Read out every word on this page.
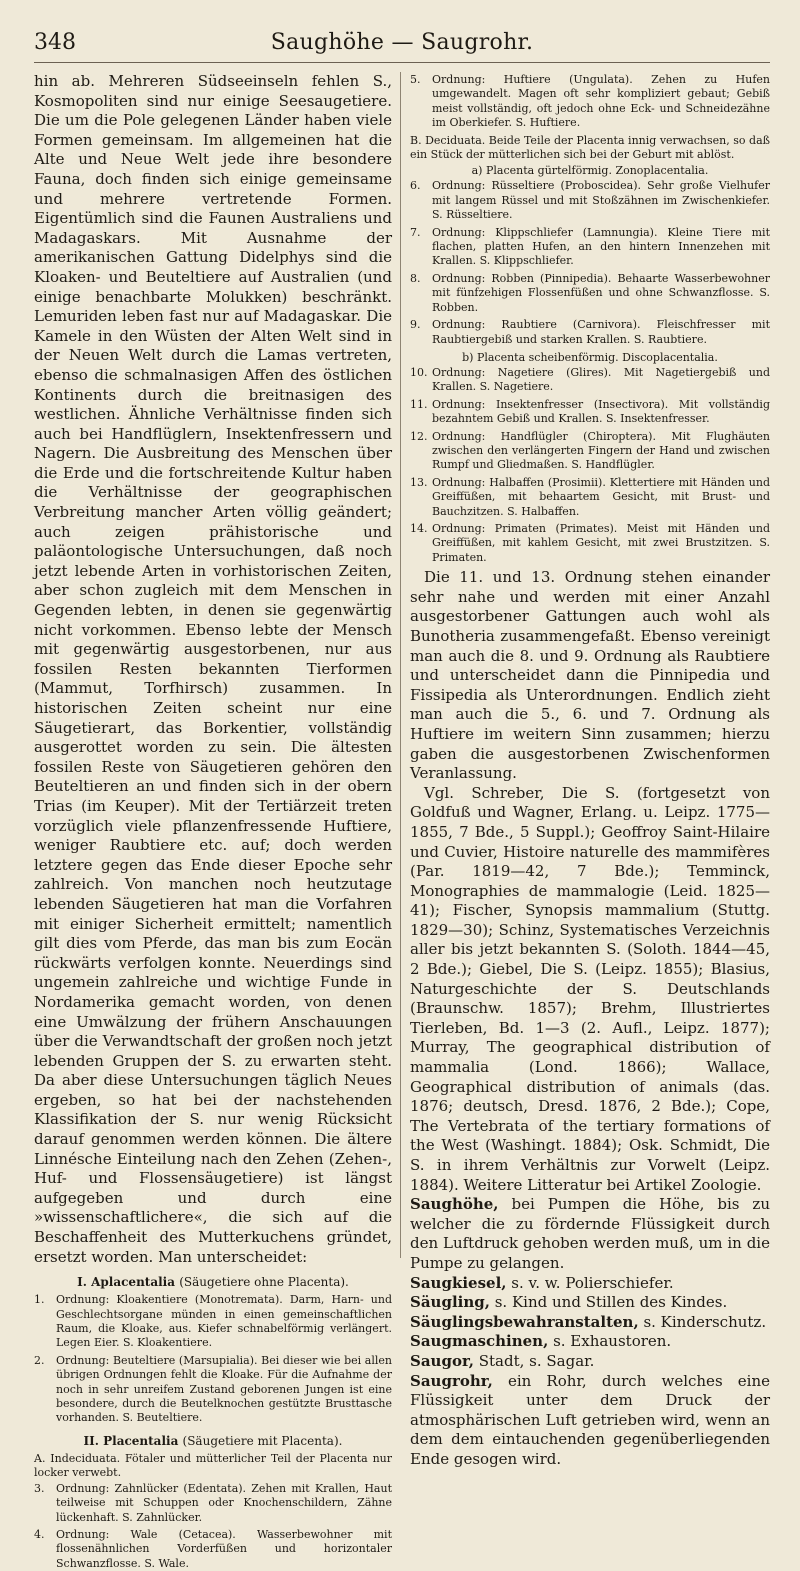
348	Saughöhe — Saugrohr.

hin ab. Mehreren Südseeinseln fehlen S., Kosmopoliten sind nur einige Seesaugetiere. Die um die Pole gelegenen Länder haben viele Formen gemeinsam. Im allgemeinen hat die Alte und Neue Welt jede ihre besondere Fauna, doch finden sich einige gemeinsame und mehrere vertretende Formen. Eigentümlich sind die Faunen Australiens und Madagaskars. Mit Ausnahme der amerikanischen Gattung Didelphys sind die Kloaken- und Beuteltiere auf Australien (und einige benachbarte Molukken) beschränkt. Lemuriden leben fast nur auf Madagaskar. Die Kamele in den Wüsten der Alten Welt sind in der Neuen Welt durch die Lamas vertreten, ebenso die schmalnasigen Affen des östlichen Kontinents durch die breitnasigen des westlichen. Ähnliche Verhältnisse finden sich auch bei Handflüglern, Insektenfressern und Nagern. Die Ausbreitung des Menschen über die Erde und die fortschreitende Kultur haben die Verhältnisse der geographischen Verbreitung mancher Arten völlig geändert; auch zeigen prähistorische und paläontologische Untersuchungen, daß noch jetzt lebende Arten in vorhistorischen Zeiten, aber schon zugleich mit dem Menschen in Gegenden lebten, in denen sie gegenwärtig nicht vorkommen. Ebenso lebte der Mensch mit gegenwärtig ausgestorbenen, nur aus fossilen Resten bekannten Tierformen (Mammut, Torfhirsch) zusammen. In historischen Zeiten scheint nur eine Säugetierart, das Borkentier, vollständig ausgerottet worden zu sein. Die ältesten fossilen Reste von Säugetieren gehören den Beuteltieren an und finden sich in der obern Trias (im Keuper). Mit der Tertiärzeit treten vorzüglich viele pflanzenfressende Huftiere, weniger Raubtiere etc. auf; doch werden letztere gegen das Ende dieser Epoche sehr zahlreich. Von manchen noch heutzutage lebenden Säugetieren hat man die Vorfahren mit einiger Sicherheit ermittelt; namentlich gilt dies vom Pferde, das man bis zum Eocän rückwärts verfolgen konnte. Neuerdings sind ungemein zahlreiche und wichtige Funde in Nordamerika gemacht worden, von denen eine Umwälzung der frühern Anschauungen über die Verwandtschaft der großen noch jetzt lebenden Gruppen der S. zu erwarten steht. Da aber diese Untersuchungen täglich Neues ergeben, so hat bei der nachstehenden Klassifikation der S. nur wenig Rücksicht darauf genommen werden können. Die ältere Linnésche Einteilung nach den Zehen (Zehen-, Huf- und Flossensäugetiere) ist längst aufgegeben und durch eine »wissenschaftlichere«, die sich auf die Beschaffenheit des Mutterkuchens gründet, ersetzt worden. Man unterscheidet:

I. Aplacentalia (Säugetiere ohne Placenta).
1.	Ordnung: Kloakentiere (Monotremata). Darm, Harn- und Geschlechtsorgane münden in einen gemeinschaftlichen Raum, die Kloake, aus. Kiefer schnabelförmig verlängert. Legen Eier. S. Kloakentiere.
2.	Ordnung: Beuteltiere (Marsupialia). Bei dieser wie bei allen übrigen Ordnungen fehlt die Kloake. Für die Aufnahme der noch in sehr unreifem Zustand geborenen Jungen ist eine besondere, durch die Beutelknochen gestützte Brusttasche vorhanden. S. Beuteltiere.
II. Placentalia (Säugetiere mit Placenta).

A. Indeciduata. Fötaler und mütterlicher Teil der Placenta nur locker verwebt.

3.	Ordnung: Zahnlücker (Edentata). Zehen mit Krallen, Haut teilweise mit Schuppen oder Knochenschildern, Zähne lückenhaft. S. Zahnlücker.
4.	Ordnung: Wale (Cetacea). Wasserbewohner mit flossenähnlichen Vorderfüßen und horizontaler Schwanzflosse. S. Wale.
5.	Ordnung: Huftiere (Ungulata). Zehen zu Hufen umgewandelt. Magen oft sehr kompliziert gebaut; Gebiß meist vollständig, oft jedoch ohne Eck- und Schneidezähne im Oberkiefer. S. Huftiere.

B. Deciduata. Beide Teile der Placenta innig verwachsen, so daß ein Stück der mütterlichen sich bei der Geburt mit ablöst.

a) Placenta gürtelförmig. Zonoplacentalia.
6.	Ordnung: Rüsseltiere (Proboscidea). Sehr große Vielhufer mit langem Rüssel und mit Stoßzähnen im Zwischenkiefer. S. Rüsseltiere.
7.	Ordnung: Klippschliefer (Lamnungia). Kleine Tiere mit flachen, platten Hufen, an den hintern Innenzehen mit Krallen. S. Klippschliefer.
8.	Ordnung: Robben (Pinnipedia). Behaarte Wasserbewohner mit fünfzehigen Flossenfüßen und ohne Schwanzflosse. S. Robben.
9.	Ordnung: Raubtiere (Carnivora). Fleischfresser mit Raubtiergebiß und starken Krallen. S. Raubtiere.
b) Placenta scheibenförmig. Discoplacentalia.
10. Ordnung: Nagetiere (Glires). Mit Nagetiergebiß und Krallen. S. Nagetiere.
11. Ordnung: Insektenfresser (Insectivora). Mit vollständig bezahntem Gebiß und Krallen. S. Insektenfresser.
12. Ordnung: Handflügler (Chiroptera). Mit Flughäuten zwischen den verlängerten Fingern der Hand und zwischen Rumpf und Gliedmaßen. S. Handflügler.
13. Ordnung: Halbaffen (Prosimii). Klettertiere mit Händen und Greiffüßen, mit behaartem Gesicht, mit Brust- und Bauchzitzen. S. Halbaffen.
14. Ordnung: Primaten (Primates). Meist mit Händen und Greiffüßen, mit kahlem Gesicht, mit zwei Brustzitzen. S. Primaten.

Die 11. und 13. Ordnung stehen einander sehr nahe und werden mit einer Anzahl ausgestorbener Gattungen auch wohl als Bunotheria zusammengefaßt. Ebenso vereinigt man auch die 8. und 9. Ordnung als Raubtiere und unterscheidet dann die Pinnipedia und Fissipedia als Unterordnungen. Endlich zieht man auch die 5., 6. und 7. Ordnung als Huftiere im weitern Sinn zusammen; hierzu gaben die ausgestorbenen Zwischenformen Veranlassung.

Vgl. Schreber, Die S. (fortgesetzt von Goldfuß und Wagner, Erlang. u. Leipz. 1775—1855, 7 Bde., 5 Suppl.); Geoffroy Saint-Hilaire und Cuvier, Histoire naturelle des mammifères (Par. 1819—42, 7 Bde.); Temminck, Monographies de mammalogie (Leid. 1825—41); Fischer, Synopsis mammalium (Stuttg. 1829—30); Schinz, Systematisches Verzeichnis aller bis jetzt bekannten S. (Soloth. 1844—45, 2 Bde.); Giebel, Die S. (Leipz. 1855); Blasius, Naturgeschichte der S. Deutschlands (Braunschw. 1857); Brehm, Illustriertes Tierleben, Bd. 1—3 (2. Aufl., Leipz. 1877); Murray, The geographical distribution of mammalia (Lond. 1866); Wallace, Geographical distribution of animals (das. 1876; deutsch, Dresd. 1876, 2 Bde.); Cope, The Vertebrata of the tertiary formations of the West (Washingt. 1884); Osk. Schmidt, Die S. in ihrem Verhältnis zur Vorwelt (Leipz. 1884). Weitere Litteratur bei Artikel Zoologie.

Saughöhe, bei Pumpen die Höhe, bis zu welcher die zu fördernde Flüssigkeit durch den Luftdruck gehoben werden muß, um in die Pumpe zu gelangen.

Saugkiesel, s. v. w. Polierschiefer.

Säugling, s. Kind und Stillen des Kindes.

Säuglingsbewahranstalten, s. Kinderschutz.

Saugmaschinen, s. Exhaustoren.

Saugor, Stadt, s. Sagar.

Saugrohr, ein Rohr, durch welches eine Flüssigkeit unter dem Druck der atmosphärischen Luft getrieben wird, wenn an dem dem eintauchenden gegenüberliegenden Ende gesogen wird.
